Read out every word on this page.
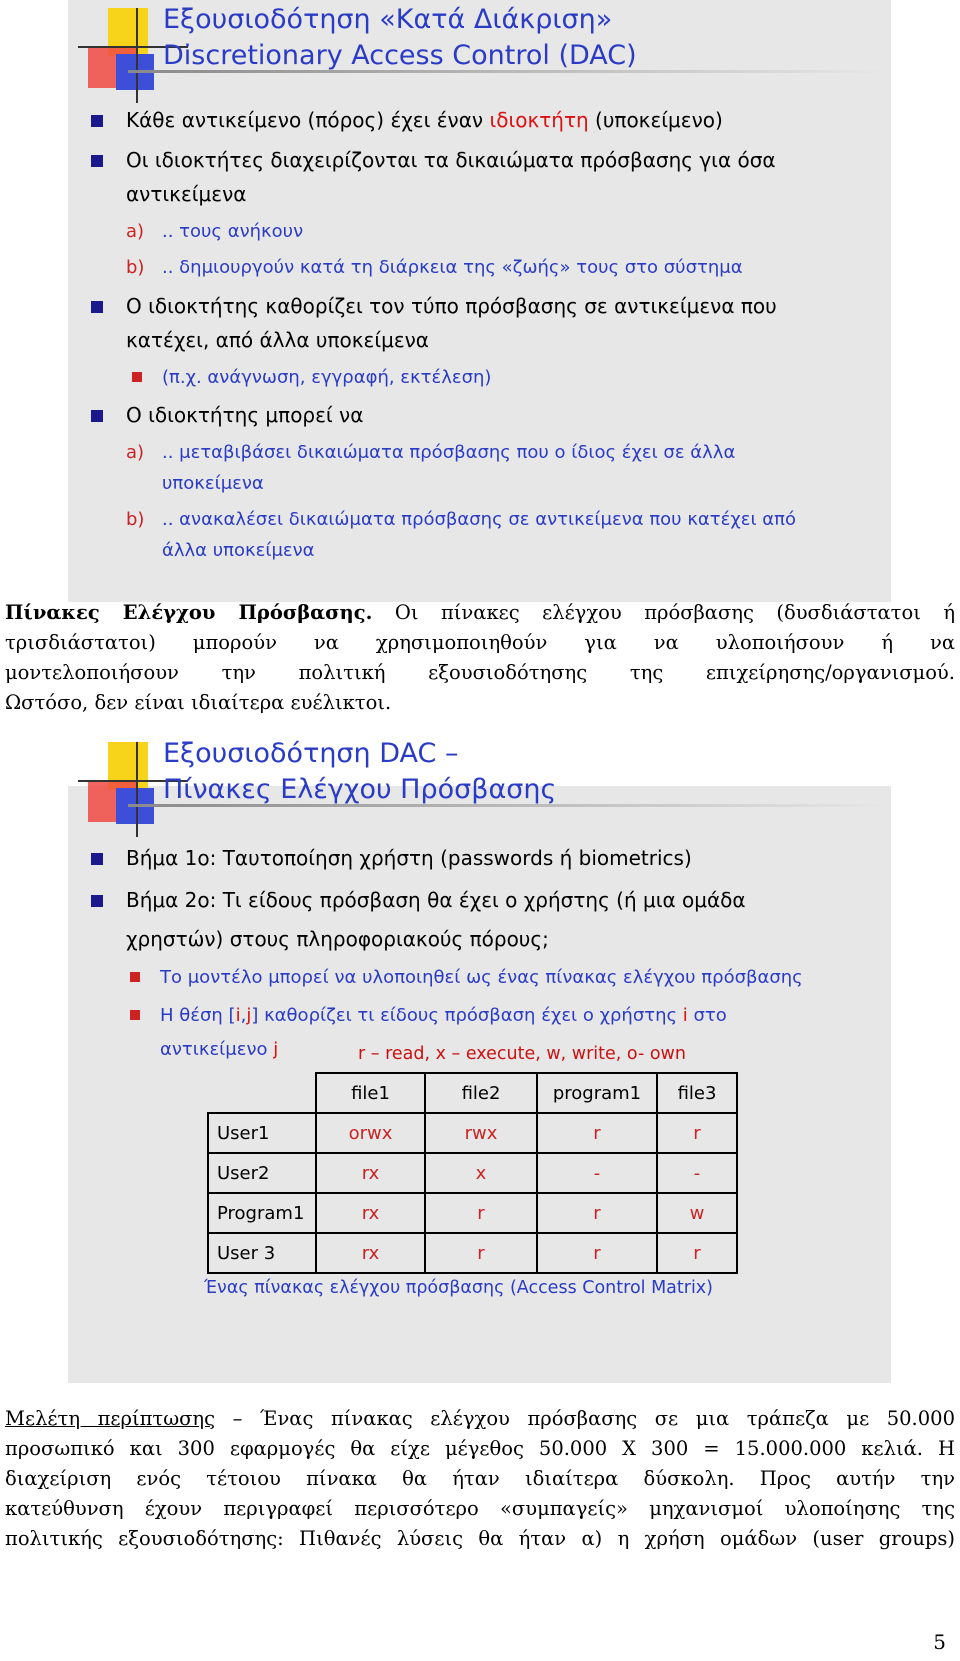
Εξουσιοδότηση «Κατά Διάκριση»
Discretionary Access Control (DAC)
Κάθε αντικείμενο (πόρος) έχει έναν ιδιοκτήτη (υποκείμενο)
Οι ιδιοκτήτες διαχειρίζονται τα δικαιώματα πρόσβασης για όσα
αντικείμενα
a) .. τους ανήκουν
b) .. δημιουργούν κατά τη διάρκεια της «ζωής» τους στο σύστημα
Ο ιδιοκτήτης καθορίζει τον τύπο πρόσβασης σε αντικείμενα που
κατέχει, από άλλα υποκείμενα
(π.χ. ανάγνωση, εγγραφή, εκτέλεση)
Ο ιδιοκτήτης μπορεί να
a) .. μεταβιβάσει δικαιώματα πρόσβασης που ο ίδιος έχει σε άλλα
υποκείμενα
b) .. ανακαλέσει δικαιώματα πρόσβασης σε αντικείμενα που κατέχει από
άλλα υποκείμενα
Πίνακες Ελέγχου Πρόσβασης. Οι πίνακες ελέγχου πρόσβασης (δυσδιάστατοι ή
τρισδιάστατοι) μπορούν να χρησιμοποιηθούν για να υλοποιήσουν ή να
μοντελοποιήσουν την πολιτική εξουσιοδότησης της επιχείρησης/οργανισμού.
Ωστόσο, δεν είναι ιδιαίτερα ευέλικτοι.
Εξουσιοδότηση DAC –
Πίνακες Ελέγχου Πρόσβασης
Βήμα 1ο: Ταυτοποίηση χρήστη (passwords ή biometrics)
Βήμα 2ο: Τι είδους πρόσβαση θα έχει ο χρήστης (ή μια ομάδα
χρηστών) στους πληροφοριακούς πόρους;
Το μοντέλο μπορεί να υλοποιηθεί ως ένας πίνακας ελέγχου πρόσβασης
Η θέση [i,j] καθορίζει τι είδους πρόσβαση έχει ο χρήστης i στο
αντικείμενο j	r – read, x – execute, w, write, o- own
	file1	file2	program1	file3
User1	orwx	rwx	r	r
User2	rx	x	-	-
Program1	rx	r	r	w
User 3	rx	r	r	r
Ένας πίνακας ελέγχου πρόσβασης (Access Control Matrix)
Μελέτη περίπτωσης – Ένας πίνακας ελέγχου πρόσβασης σε μια τράπεζα με 50.000
προσωπικό και 300 εφαρμογές θα είχε μέγεθος 50.000 Χ 300 = 15.000.000 κελιά. Η
διαχείριση ενός τέτοιου πίνακα θα ήταν ιδιαίτερα δύσκολη. Προς αυτήν την
κατεύθυνση έχουν περιγραφεί περισσότερο «συμπαγείς» μηχανισμοί υλοποίησης της
πολιτικής εξουσιοδότησης: Πιθανές λύσεις θα ήταν α) η χρήση ομάδων (user groups)
5
